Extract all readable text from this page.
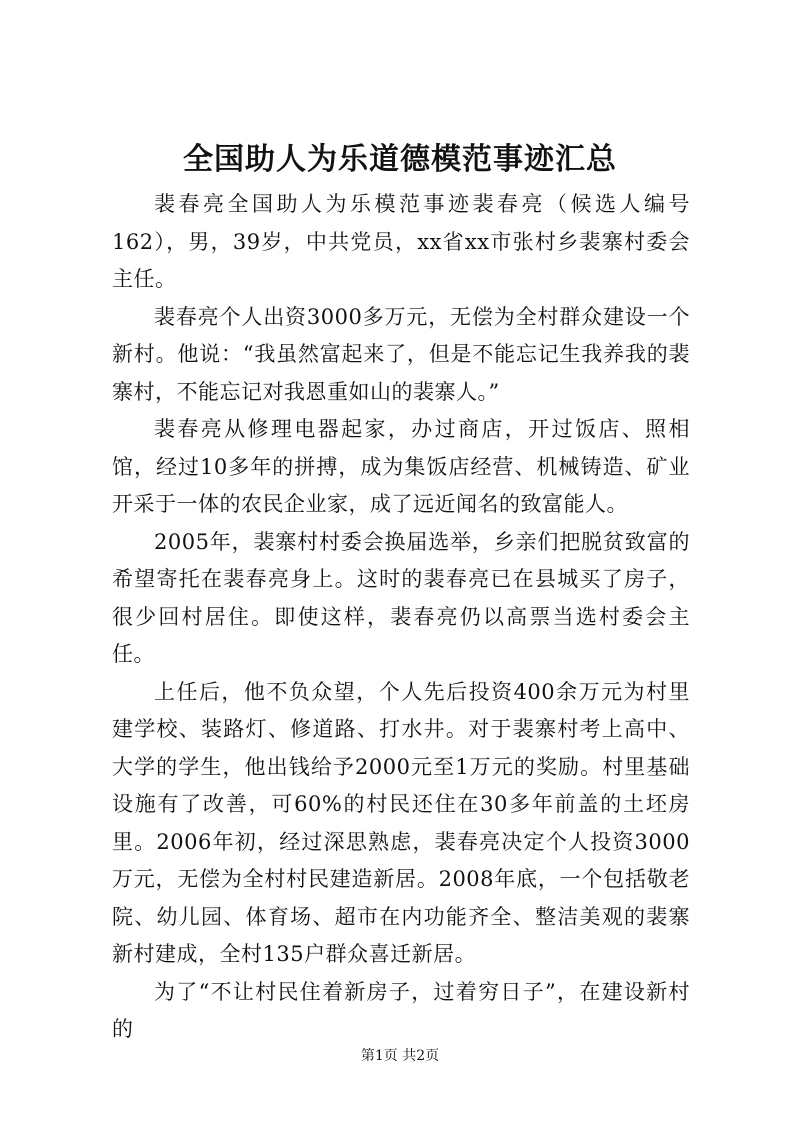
全国助人为乐道德模范事迹汇总

裴春亮全国助人为乐模范事迹裴春亮（候选人编号162），男，39岁，中共党员，xx省xx市张村乡裴寨村委会主任。

裴春亮个人出资3000多万元，无偿为全村群众建设一个新村。他说：“我虽然富起来了，但是不能忘记生我养我的裴寨村，不能忘记对我恩重如山的裴寨人。”

裴春亮从修理电器起家，办过商店，开过饭店、照相馆，经过10多年的拼搏，成为集饭店经营、机械铸造、矿业开采于一体的农民企业家，成了远近闻名的致富能人。

2005年，裴寨村村委会换届选举，乡亲们把脱贫致富的希望寄托在裴春亮身上。这时的裴春亮已在县城买了房子，很少回村居住。即使这样，裴春亮仍以高票当选村委会主任。

上任后，他不负众望，个人先后投资400余万元为村里建学校、装路灯、修道路、打水井。对于裴寨村考上高中、大学的学生，他出钱给予2000元至1万元的奖励。村里基础设施有了改善，可60%的村民还住在30多年前盖的土坯房里。2006年初，经过深思熟虑，裴春亮决定个人投资3000万元，无偿为全村村民建造新居。2008年底，一个包括敬老院、幼儿园、体育场、超市在内功能齐全、整洁美观的裴寨新村建成，全村135户群众喜迁新居。

为了“不让村民住着新房子，过着穷日子”，在建设新村的

第1页 共2页
